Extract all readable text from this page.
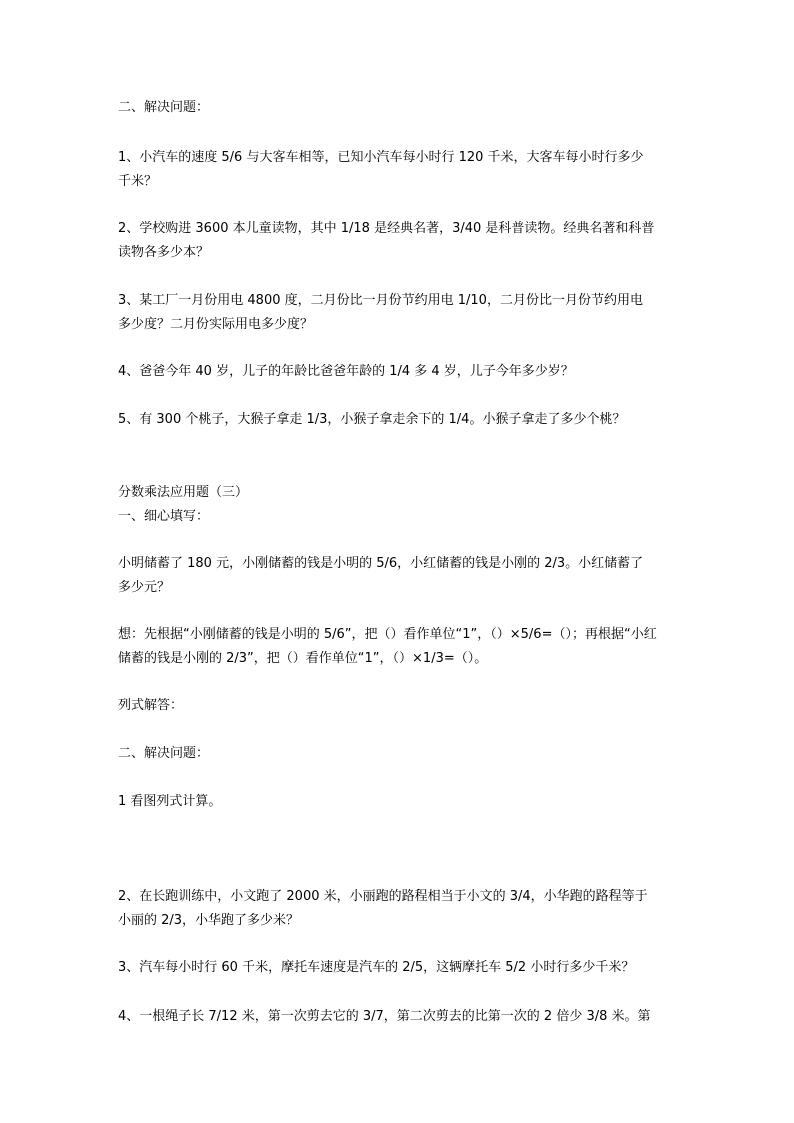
二、解决问题：

1、小汽车的速度 5/6 与大客车相等，已知小汽车每小时行 120 千米，大客车每小时行多少

千米？

2、学校购进 3600 本儿童读物，其中 1/18 是经典名著，3/40 是科普读物。经典名著和科普

读物各多少本？

3、某工厂一月份用电 4800 度，二月份比一月份节约用电 1/10，二月份比一月份节约用电

多少度？二月份实际用电多少度？

4、爸爸今年 40 岁，儿子的年龄比爸爸年龄的 1/4 多 4 岁，儿子今年多少岁？

5、有 300 个桃子，大猴子拿走 1/3，小猴子拿走余下的 1/4。小猴子拿走了多少个桃？

分数乘法应用题（三）

一、细心填写：

小明储蓄了 180 元，小刚储蓄的钱是小明的 5/6，小红储蓄的钱是小刚的 2/3。小红储蓄了

多少元？

想：先根据“小刚储蓄的钱是小明的 5/6”，把（）看作单位“1”，（）×5/6=（）；再根据“小红

储蓄的钱是小刚的 2/3”，把（）看作单位“1”，（）×1/3=（）。

列式解答：

二、解决问题：

1 看图列式计算。

2、在长跑训练中，小文跑了 2000 米，小丽跑的路程相当于小文的 3/4，小华跑的路程等于

小丽的 2/3，小华跑了多少米？

3、汽车每小时行 60 千米，摩托车速度是汽车的 2/5，这辆摩托车 5/2 小时行多少千米？

4、一根绳子长 7/12 米，第一次剪去它的 3/7，第二次剪去的比第一次的 2 倍少 3/8 米。第
